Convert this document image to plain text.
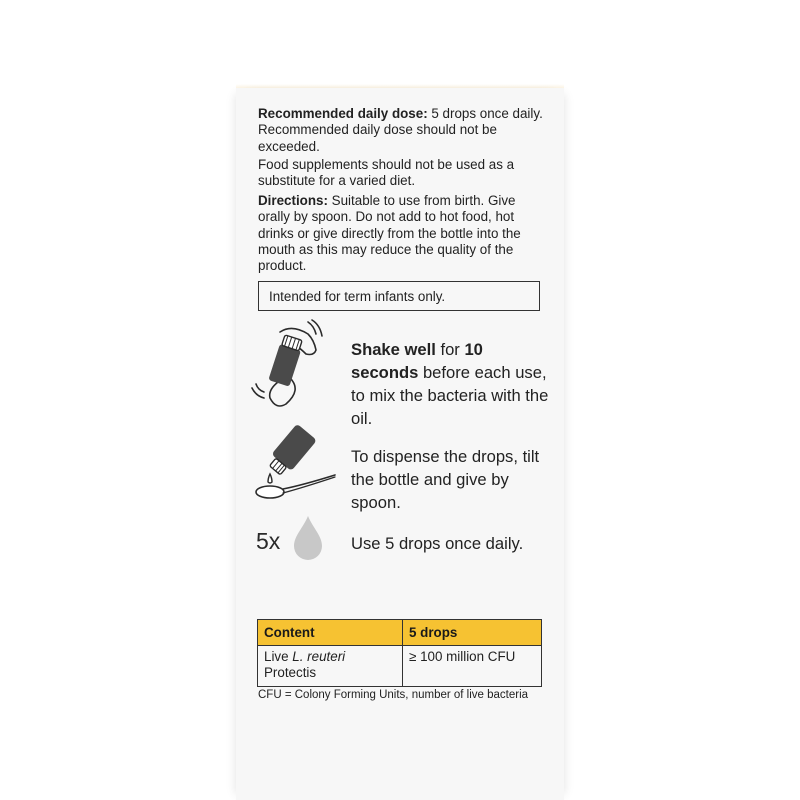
Recommended daily dose: 5 drops once daily. Recommended daily dose should not be exceeded.
Food supplements should not be used as a substitute for a varied diet.
Directions: Suitable to use from birth. Give orally by spoon. Do not add to hot food, hot drinks or give directly from the bottle into the mouth as this may reduce the quality of the product.
Intended for term infants only.
Shake well for 10 seconds before each use, to mix the bacteria with the oil.
To dispense the drops, tilt the bottle and give by spoon.
5x	Use 5 drops once daily.
Content	5 drops
Live L. reuteri Protectis	≥ 100 million CFU
CFU = Colony Forming Units, number of live bacteria
